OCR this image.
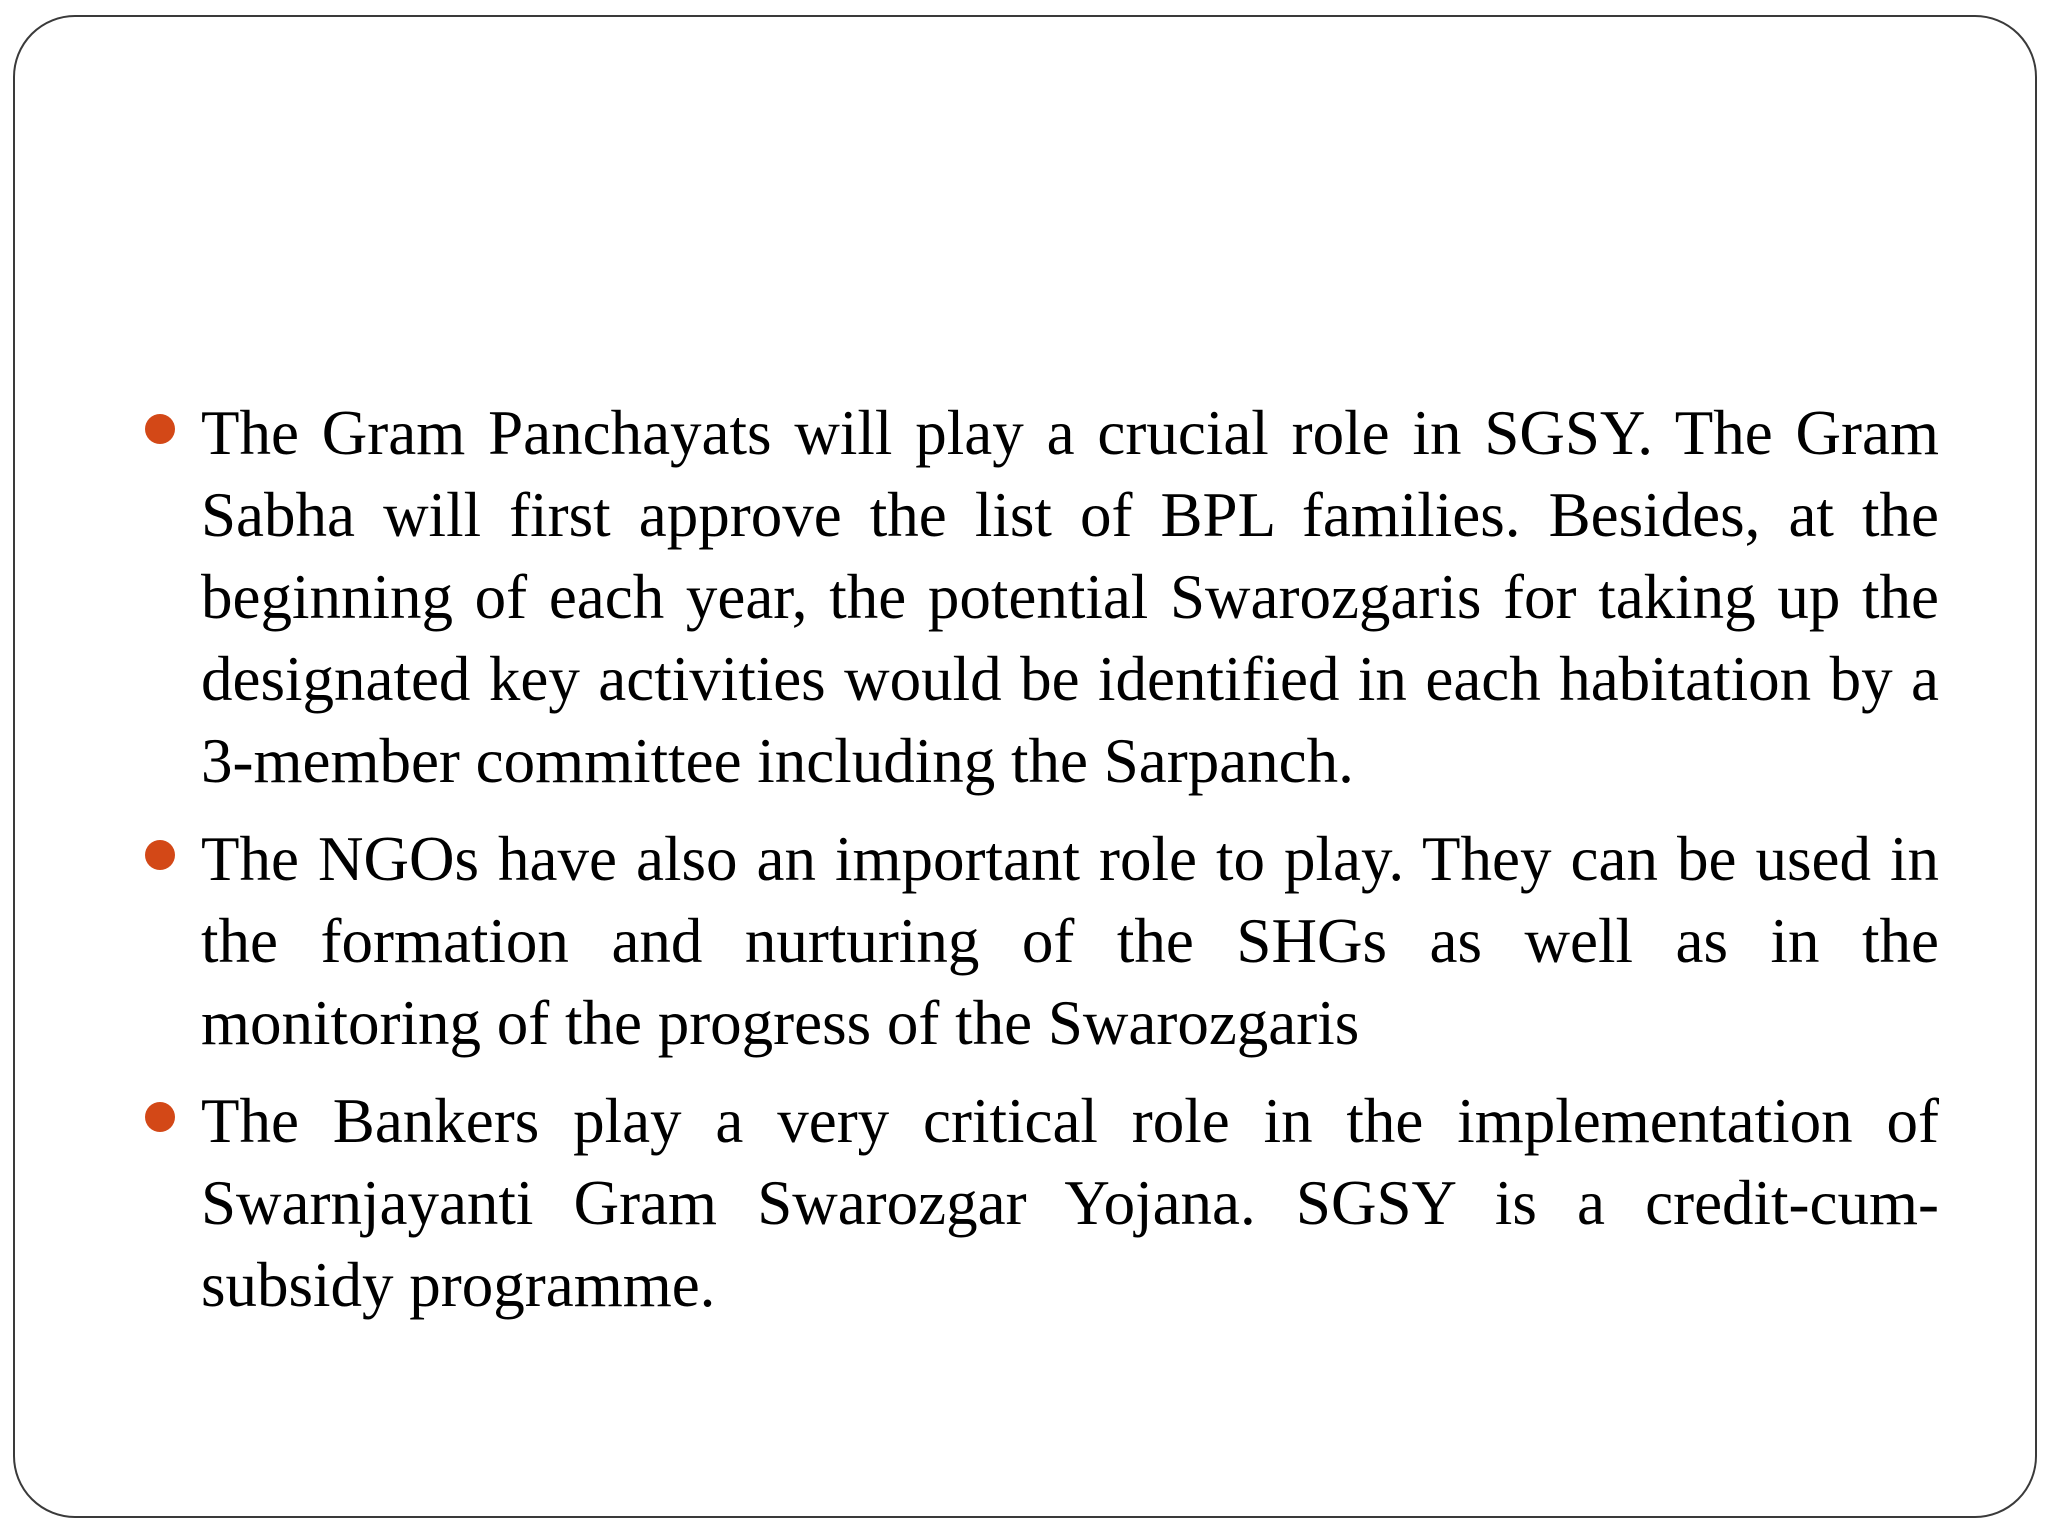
The Gram Panchayats will play a crucial role in SGSY. The Gram Sabha will first approve the list of BPL families. Besides, at the beginning of each year, the potential Swarozgaris for taking up the designated key activities would be identified in each habitation by a 3-member committee including the Sarpanch.
The NGOs have also an important role to play. They can be used in the formation and nurturing of the SHGs as well as in the monitoring of the progress of the Swarozgaris
The Bankers play a very critical role in the implementation of Swarnjayanti Gram Swarozgar Yojana. SGSY is a credit-cum-subsidy programme.
